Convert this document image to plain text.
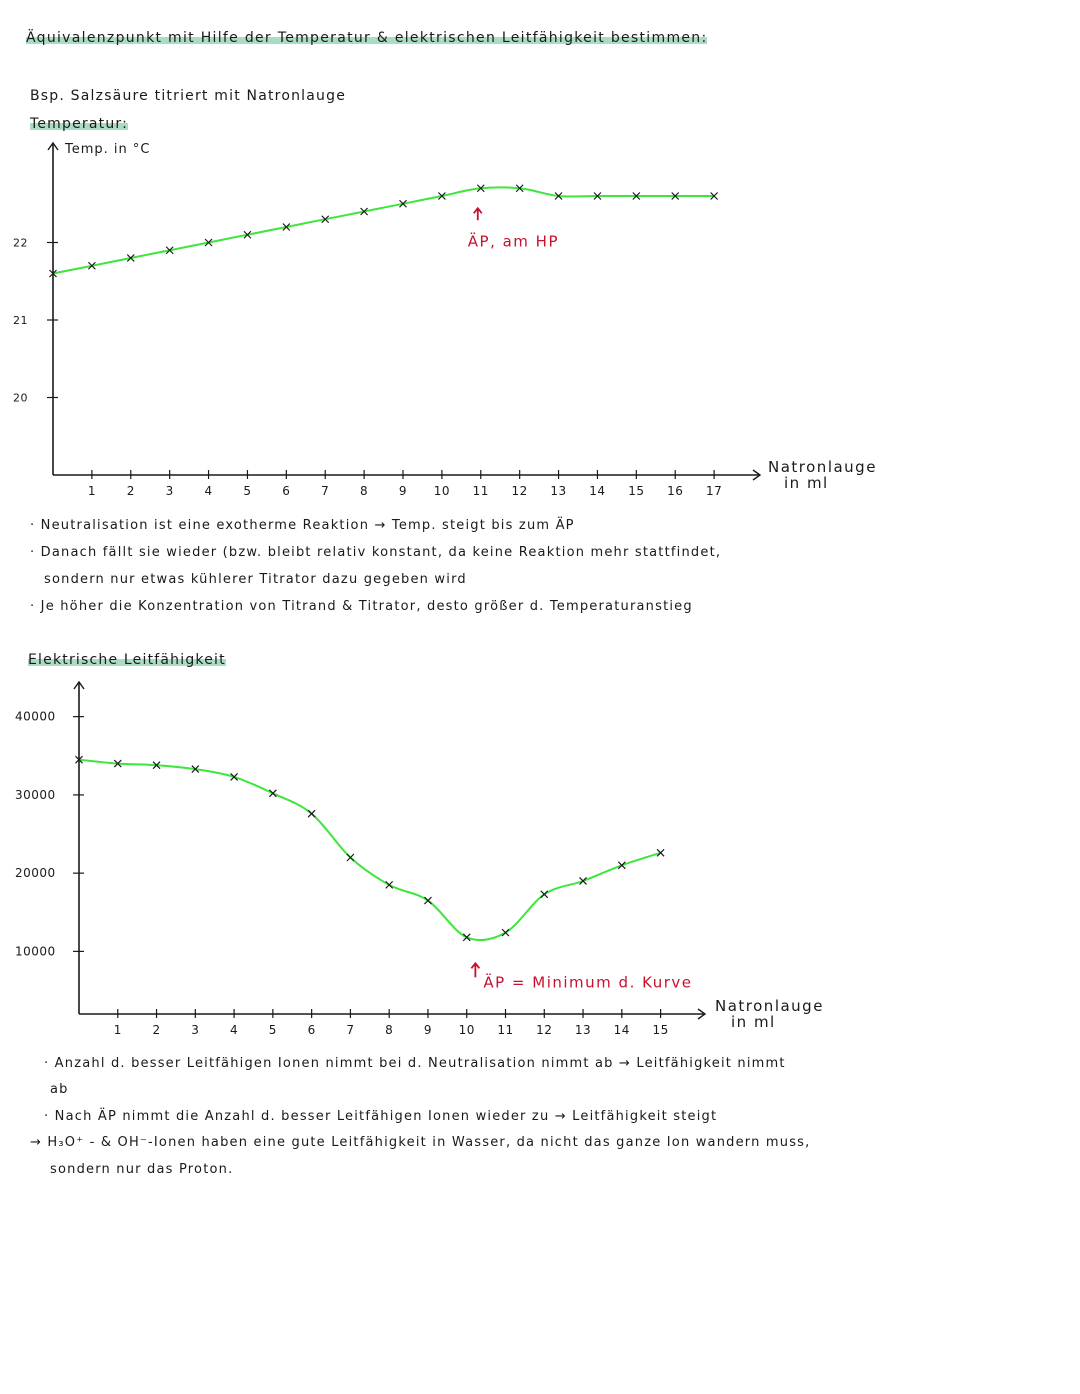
Äquivalenzpunkt mit Hilfe der Temperatur & elektrischen Leitfähigkeit bestimmen:
Bsp. Salzsäure titriert mit Natronlauge
Temperatur:
1	2	3	4	5	6	7	8	9 10 11 12 13 14 15 16 17
20
21
22
Temp. in °C
Natronlauge
in ml
ÄP, am HP
· Neutralisation ist eine exotherme Reaktion → Temp. steigt bis zum ÄP
· Danach fällt sie wieder (bzw. bleibt relativ konstant, da keine Reaktion mehr stattfindet,
sondern nur etwas kühlerer Titrator dazu gegeben wird
· Je höher die Konzentration von Titrand & Titrator, desto größer d. Temperaturanstieg
Elektrische Leitfähigkeit
1	2	3	4	5	6	7	8	9 10 11 12 13 14 15
10000
20000
30000
40000
Natronlauge
in ml
ÄP = Minimum d. Kurve
· Anzahl d. besser Leitfähigen Ionen nimmt bei d. Neutralisation nimmt ab → Leitfähigkeit nimmt
ab
· Nach ÄP nimmt die Anzahl d. besser Leitfähigen Ionen wieder zu → Leitfähigkeit steigt
→ H₃O⁺ - & OH⁻-Ionen haben eine gute Leitfähigkeit in Wasser, da nicht das ganze Ion wandern muss,
sondern nur das Proton.
